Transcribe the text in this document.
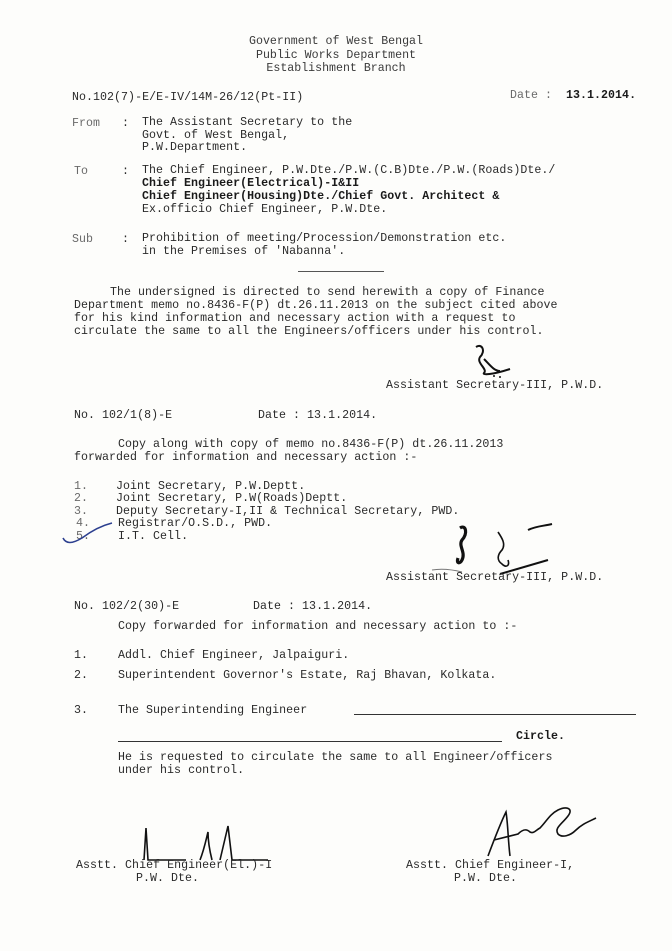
Government of West Bengal
Public Works Department
Establishment Branch
No.102(7)-E/E-IV/14M-26/12(Pt-II)	Date : 13.1.2014.
From : The Assistant Secretary to the
Govt. of West Bengal,
P.W.Department.
To	: The Chief Engineer, P.W.Dte./P.W.(C.B)Dte./P.W.(Roads)Dte./
Chief Engineer(Electrical)-I&II
Chief Engineer(Housing)Dte./Chief Govt. Architect &
Ex.officio Chief Engineer, P.W.Dte.
Sub : Prohibition of meeting/Procession/Demonstration etc.
in the Premises of 'Nabanna'.
The undersigned is directed to send herewith a copy of Finance
Department memo no.8436-F(P) dt.26.11.2013 on the subject cited above
for his kind information and necessary action with a request to
circulate the same to all the Engineers/officers under his control.
Assistant Secretary-III, P.W.D.
No. 102/1(8)-E	Date : 13.1.2014.
Copy along with copy of memo no.8436-F(P) dt.26.11.2013
forwarded for information and necessary action :-
1. Joint Secretary, P.W.Deptt.
2. Joint Secretary, P.W(Roads)Deptt.
3. Deputy Secretary-I,II & Technical Secretary, PWD.
4. Registrar/O.S.D., PWD.
5. I.T. Cell.
Assistant Secretary-III, P.W.D.
No. 102/2(30)-E	Date : 13.1.2014.
Copy forwarded for information and necessary action to :-
1.	Addl. Chief Engineer, Jalpaiguri.
2.	Superintendent Governor's Estate, Raj Bhavan, Kolkata.
3.	The Superintending Engineer
Circle.
He is requested to circulate the same to all Engineer/officers
under his control.
Asstt. Chief Engineer(El.)-I
P.W. Dte.
Asstt. Chief Engineer-I,
P.W. Dte.
